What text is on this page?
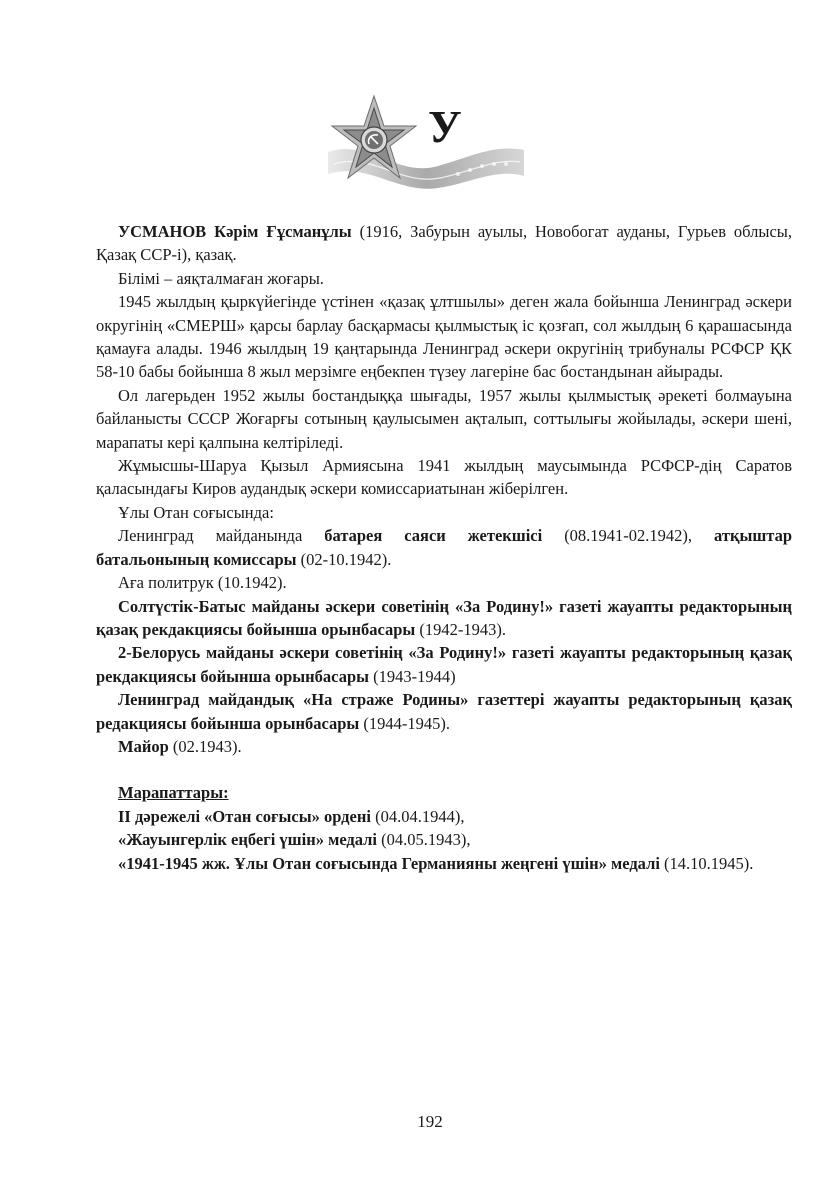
У

УСМАНОВ Кәрім Ғұсманұлы (1916, Забурын ауылы, Новобогат ауданы, Гурьев облысы, Қазақ ССР-і), қазақ.

Білімі – аяқталмаған жоғары.

1945 жылдың қыркүйегінде үстінен «қазақ ұлтшылы» деген жала бойынша Ленинград әскери округінің «СМЕРШ» қарсы барлау басқармасы қылмыстық іс қозғап, сол жылдың 6 қарашасында қамауға алады. 1946 жылдың 19 қаңтарында Ленинград әскери округінің трибуналы РСФСР ҚК 58-10 бабы бойынша 8 жыл мерзімге еңбекпен түзеу лагеріне бас бостандынан айырады.

Ол лагерьден 1952 жылы бостандыққа шығады, 1957 жылы қылмыстық әрекеті болмауына байланысты СССР Жоғарғы сотының қаулысымен ақталып, соттылығы жойылады, әскери шені, марапаты кері қалпына келтіріледі.

Жұмысшы-Шаруа Қызыл Армиясына 1941 жылдың маусымында РСФСР-дің Саратов қаласындағы Киров аудандық әскери комиссариатынан жіберілген.

Ұлы Отан соғысында:

Ленинград майданында батарея саяси жетекшісі (08.1941-02.1942), атқыштар батальонының комиссары (02-10.1942).

Аға политрук (10.1942).

Солтүстік-Батыс майданы әскери советінің «За Родину!» газеті жауапты редакторының қазақ рекдакциясы бойынша орынбасары (1942-1943).

2-Белорусь майданы әскери советінің «За Родину!» газеті жауапты редакторының қазақ рекдакциясы бойынша орынбасары (1943-1944)

Ленинград майдандық «На страже Родины» газеттері жауапты редакторының қазақ редакциясы бойынша орынбасары (1944-1945).

Майор (02.1943).

Марапаттары:

II дәрежелі «Отан соғысы» ордені (04.04.1944),

«Жауынгерлік еңбегі үшін» медалі (04.05.1943),

«1941-1945 жж. Ұлы Отан соғысында Германияны жеңгені үшін» медалі (14.10.1945).

192
